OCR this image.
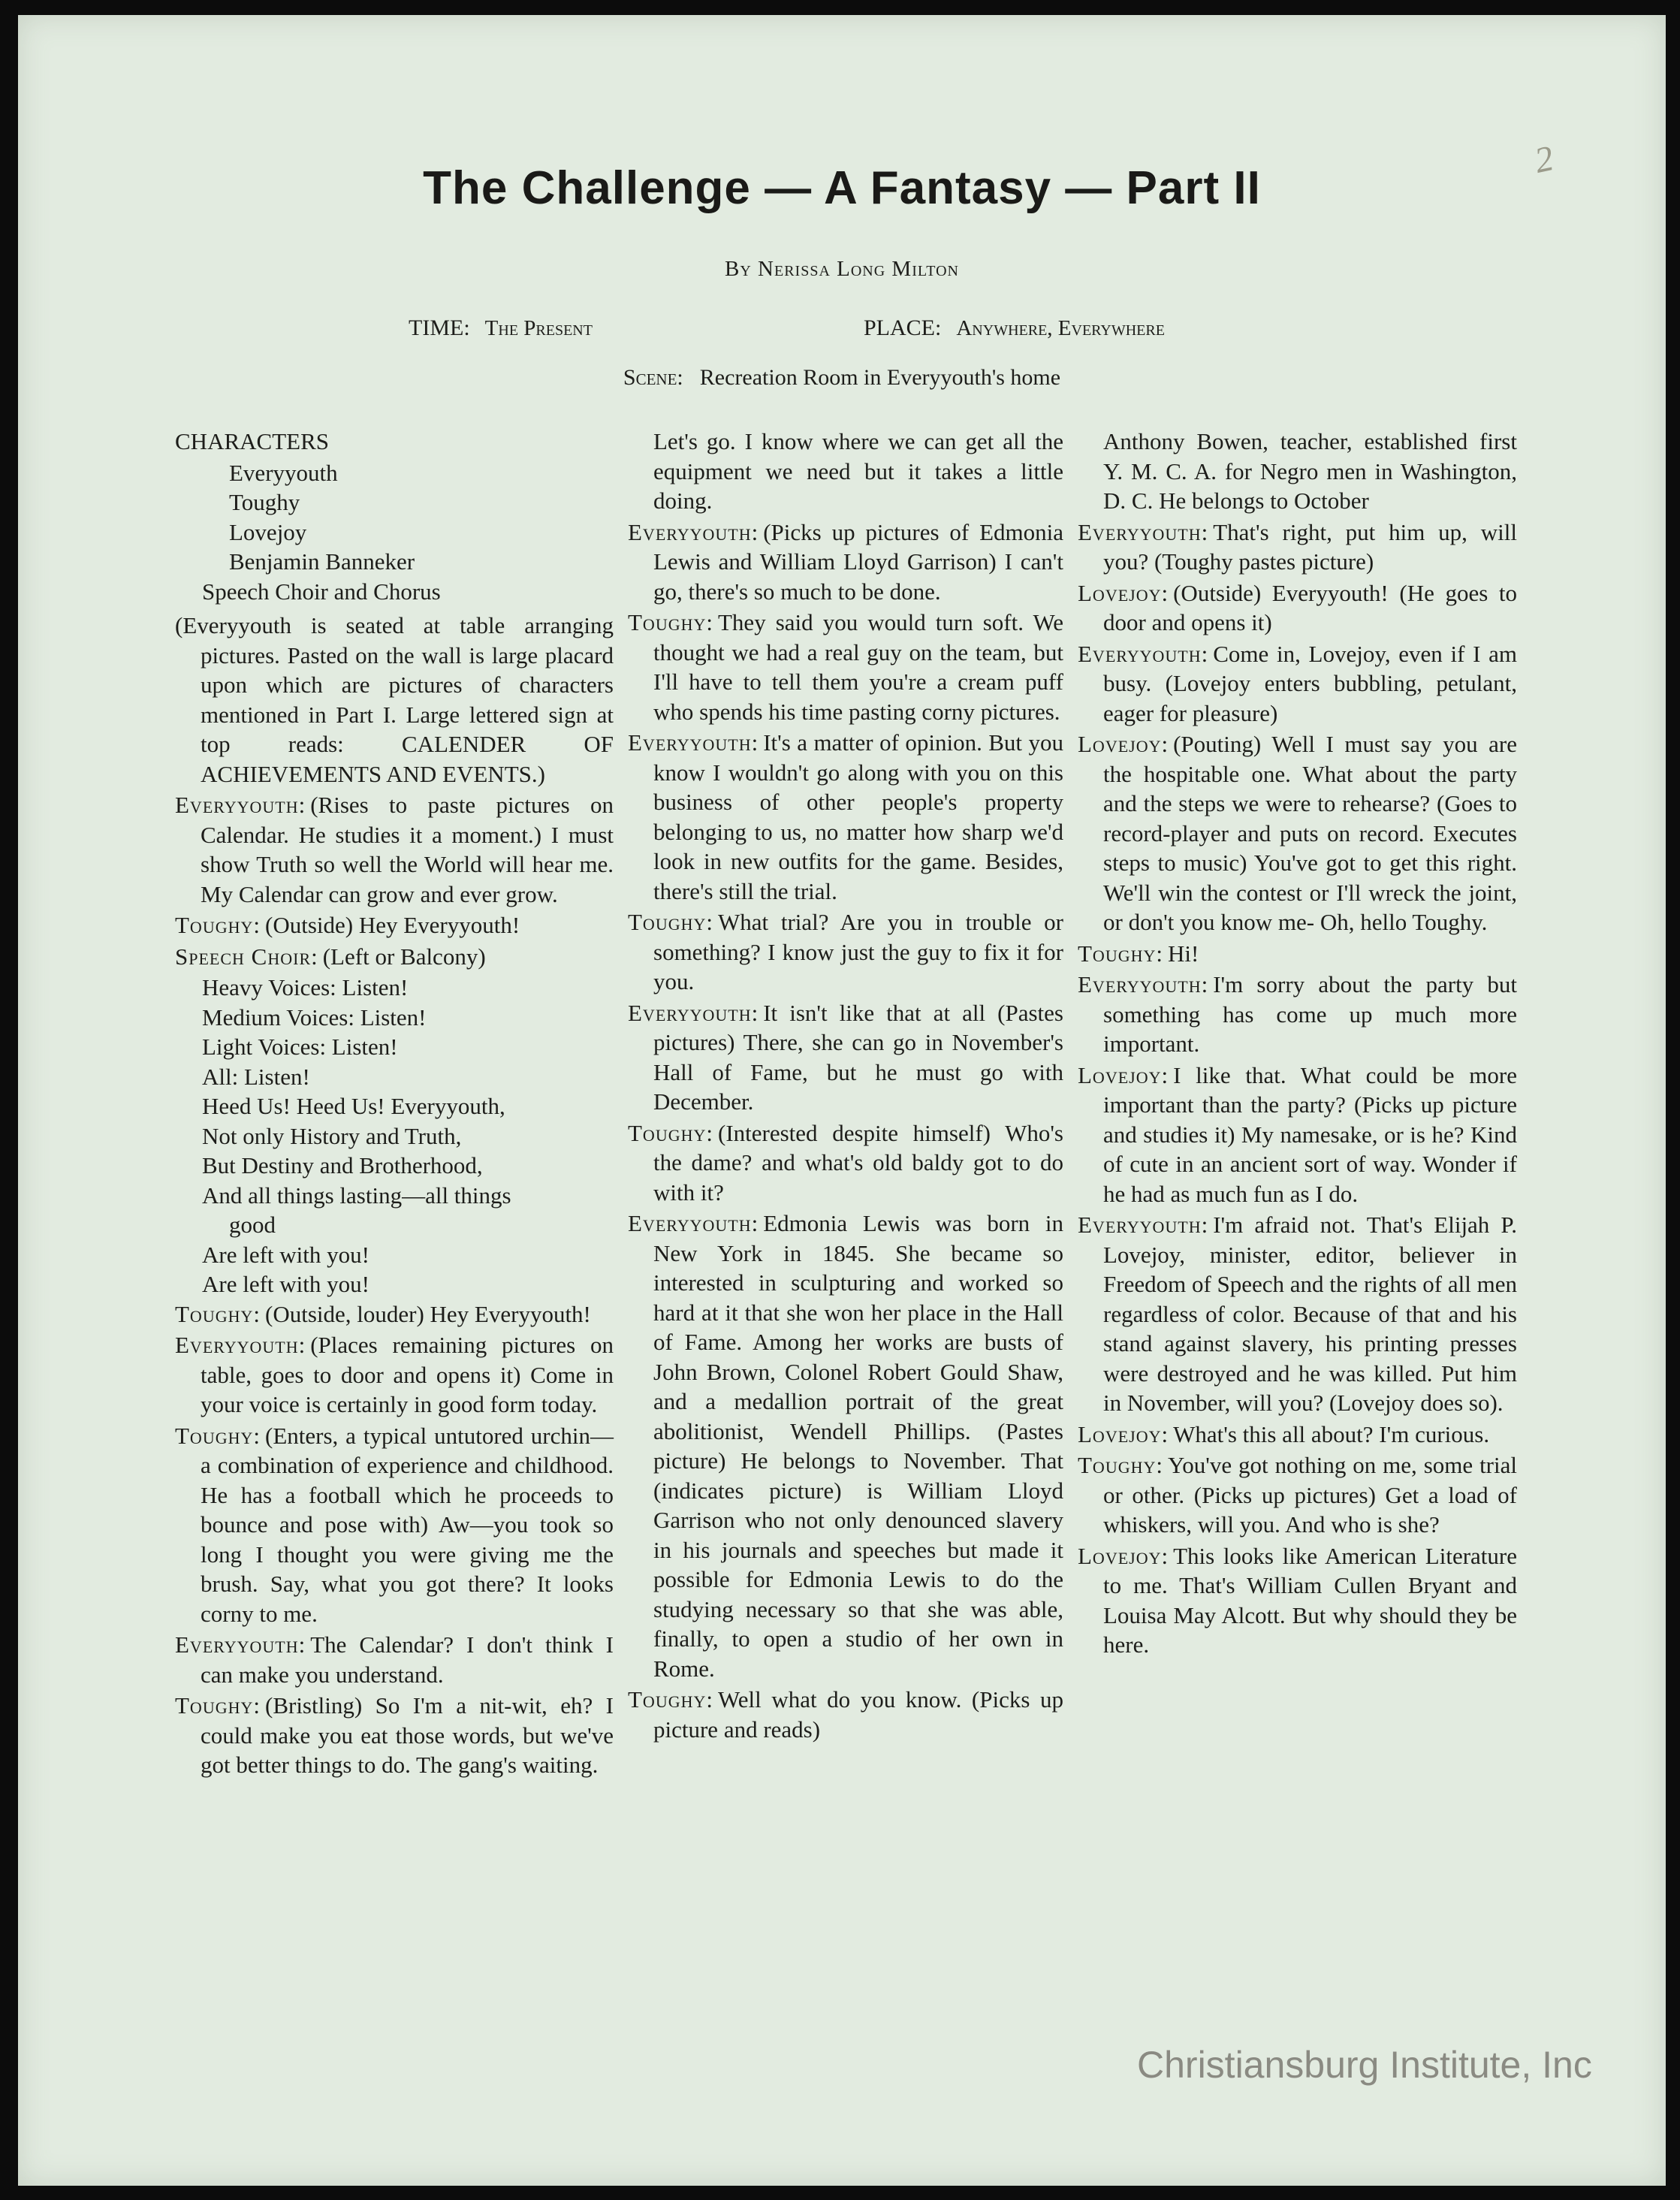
2
The Challenge — A Fantasy — Part II
By Nerissa Long Milton
TIME: The Present	PLACE: Anywhere, Everywhere
Scene: Recreation Room in Everyyouth's home

CHARACTERS

Everyyouth

Toughy

Lovejoy

Benjamin Banneker

Speech Choir and Chorus

(Everyyouth is seated at table arranging pictures. Pasted on the wall is large placard upon which are pictures of characters mentioned in Part I. Large lettered sign at top reads: CALENDER OF ACHIEVEMENTS AND EVENTS.)

Everyyouth: (Rises to paste pictures on Calendar. He studies it a moment.) I must show Truth so well the World will hear me. My Calendar can grow and ever grow.

Toughy: (Outside) Hey Everyyouth!

Speech Choir: (Left or Balcony)

Heavy Voices: Listen!

Medium Voices: Listen!

Light Voices: Listen!

All: Listen!

Heed Us! Heed Us! Everyyouth,

Not only History and Truth,

But Destiny and Brotherhood,

And all things lasting—all things

good

Are left with you!

Are left with you!

Toughy: (Outside, louder) Hey Everyyouth!

Everyyouth: (Places remaining pictures on table, goes to door and opens it) Come in your voice is certainly in good form today.

Toughy: (Enters, a typical untutored urchin—a combination of experience and childhood. He has a football which he proceeds to bounce and pose with) Aw—you took so long I thought you were giving me the brush. Say, what you got there? It looks corny to me.

Everyyouth: The Calendar? I don't think I can make you understand.

Toughy: (Bristling) So I'm a nit-wit, eh? I could make you eat those words, but we've got better things to do. The gang's waiting.

Let's go. I know where we can get all the equipment we need but it takes a little doing.

Everyyouth: (Picks up pictures of Edmonia Lewis and William Lloyd Garrison) I can't go, there's so much to be done.

Toughy: They said you would turn soft. We thought we had a real guy on the team, but I'll have to tell them you're a cream puff who spends his time pasting corny pictures.

Everyyouth: It's a matter of opinion. But you know I wouldn't go along with you on this business of other people's property belonging to us, no matter how sharp we'd look in new outfits for the game. Besides, there's still the trial.

Toughy: What trial? Are you in trouble or something? I know just the guy to fix it for you.

Everyyouth: It isn't like that at all (Pastes pictures) There, she can go in November's Hall of Fame, but he must go with December.

Toughy: (Interested despite himself) Who's the dame? and what's old baldy got to do with it?

Everyyouth: Edmonia Lewis was born in New York in 1845. She became so interested in sculpturing and worked so hard at it that she won her place in the Hall of Fame. Among her works are busts of John Brown, Colonel Robert Gould Shaw, and a medallion portrait of the great abolitionist, Wendell Phillips. (Pastes picture) He belongs to November. That (indicates picture) is William Lloyd Garrison who not only denounced slavery in his journals and speeches but made it possible for Edmonia Lewis to do the studying necessary so that she was able, finally, to open a studio of her own in Rome.

Toughy: Well what do you know. (Picks up picture and reads)

Anthony Bowen, teacher, established first Y. M. C. A. for Negro men in Washington, D. C. He belongs to October

Everyyouth: That's right, put him up, will you? (Toughy pastes picture)

Lovejoy: (Outside) Everyyouth! (He goes to door and opens it)

Everyyouth: Come in, Lovejoy, even if I am busy. (Lovejoy enters bubbling, petulant, eager for pleasure)

Lovejoy: (Pouting) Well I must say you are the hospitable one. What about the party and the steps we were to rehearse? (Goes to record-player and puts on record. Executes steps to music) You've got to get this right. We'll win the contest or I'll wreck the joint, or don't you know me- Oh, hello Toughy.

Toughy: Hi!

Everyyouth: I'm sorry about the party but something has come up much more important.

Lovejoy: I like that. What could be more important than the party? (Picks up picture and studies it) My namesake, or is he? Kind of cute in an ancient sort of way. Wonder if he had as much fun as I do.

Everyyouth: I'm afraid not. That's Elijah P. Lovejoy, minister, editor, believer in Freedom of Speech and the rights of all men regardless of color. Because of that and his stand against slavery, his printing presses were destroyed and he was killed. Put him in November, will you? (Lovejoy does so).

Lovejoy: What's this all about? I'm curious.

Toughy: You've got nothing on me, some trial or other. (Picks up pictures) Get a load of whiskers, will you. And who is she?

Lovejoy: This looks like American Literature to me. That's William Cullen Bryant and Louisa May Alcott. But why should they be here.

Christiansburg Institute, Inc
